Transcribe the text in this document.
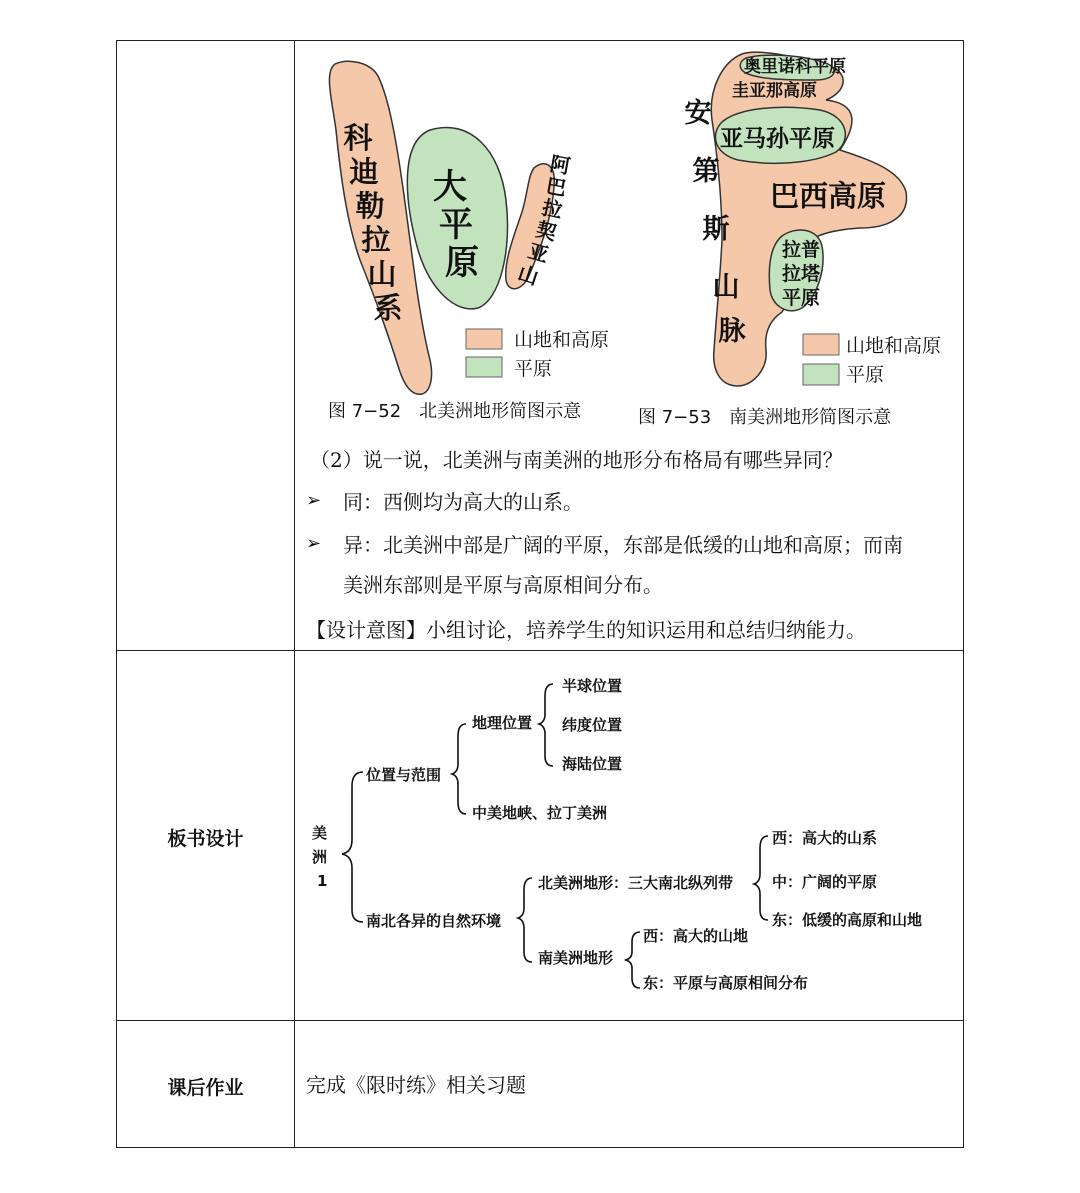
板书设计
课后作业
科
迪
勒
拉
山
系
大
平
原
阿
巴
拉
契
亚
山
山地和高原
平原
图 7−52　北美洲地形简图示意
奥里诺科平原
圭亚那高原
亚马孙平原
巴西高原
安
第
斯
山
脉
拉普
拉塔
平原
山地和高原
平原
图 7−53　南美洲地形简图示意
（2）说一说，北美洲与南美洲的地形分布格局有哪些异同？
➢ 同：西侧均为高大的山系。
➢ 异：北美洲中部是广阔的平原，东部是低缓的山地和高原；而南
美洲东部则是平原与高原相间分布。
【设计意图】小组讨论，培养学生的知识运用和总结归纳能力。
美
洲
1
位置与范围
南北各异的自然环境
地理位置
中美地峡、拉丁美洲
半球位置
纬度位置
海陆位置
北美洲地形：三大南北纵列带
南美洲地形
西：高大的山系
中：广阔的平原
东：低缓的高原和山地
西：高大的山地
东：平原与高原相间分布
完成《限时练》相关习题
